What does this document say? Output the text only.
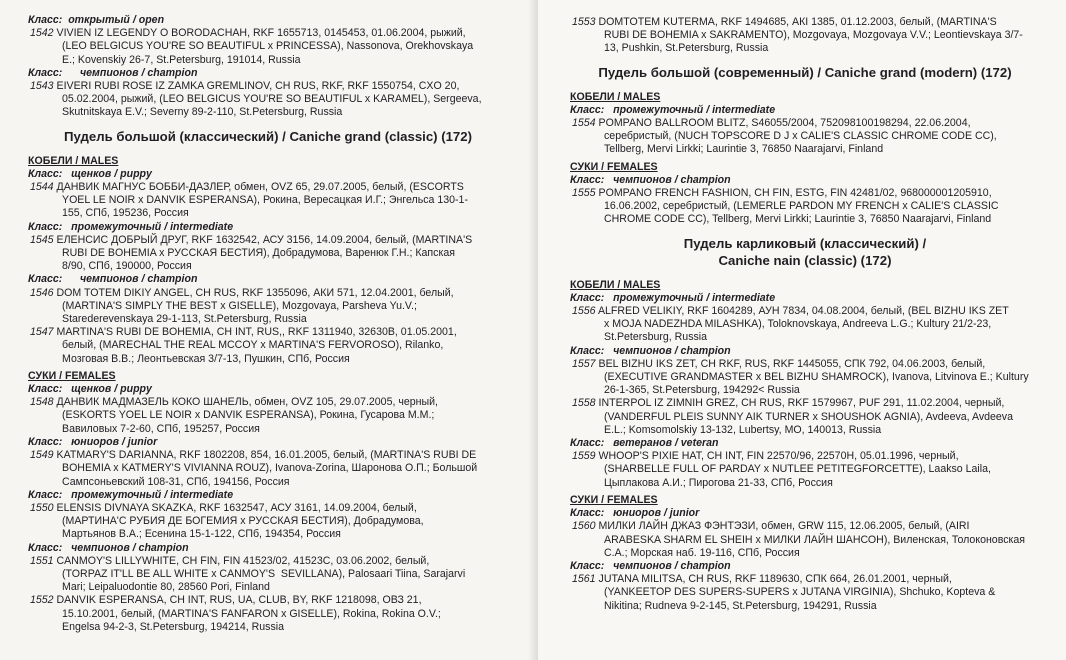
Класс:  открытый / open
1542 VIVIEN IZ LEGENDY O BORODACHAH, RKF 1655713, 0145453, 01.06.2004, рыжий,
(LEO BELGICUS YOU'RE SO BEAUTIFUL x PRINCESSA), Nassonova, Orekhovskaya
E.; Kovenskiy 26-7, St.Petersburg, 191014, Russia
Класс:      чемпионов / champion
1543 EIVERI RUBI ROSE IZ ZAMKA GREMLINOV, CH RUS, RKF, RKF 1550754, CXO 20,
05.02.2004, рыжий, (LEO BELGICUS YOU'RE SO BEAUTIFUL x KARAMEL), Sergeeva,
Skutnitskaya E.V.; Severny 89-2-110, St.Petersburg, Russia
Пудель большой (классический) / Caniche grand (classic) (172)
КОБЕЛИ / MALES
Класс:   щенков / puppy
1544 ДАНВИК МАГНУС БОББИ-ДАЗЛЕР, обмен, OVZ 65, 29.07.2005, белый, (ESCORTS
YOEL LE NOIR x DANVIK ESPERANSA), Рокина, Вересацкая И.Г.; Энгельса 130-1-
155, СПб, 195236, Россия
Класс:   промежуточный / intermediate
1545 ЕЛЕНСИС ДОБРЫЙ ДРУГ, RKF 1632542, АСУ 3156, 14.09.2004, белый, (MARTINA'S
RUBI DE BOHEMIA x РУССКАЯ БЕСТИЯ), Добрадумова, Варенюк Г.Н.; Капская
8/90, СПб, 190000, Россия
Класс:      чемпионов / champion
1546 DOM TOTEM DIKIY ANGEL, CH RUS, RKF 1355096, АКИ 571, 12.04.2001, белый,
(MARTINA'S SIMPLY THE BEST x GISELLE), Mozgovaya, Parsheva Yu.V.;
Starederevenskaya 29-1-113, St.Petersburg, Russia
1547 MARTINA'S RUBI DE BOHEMIA, CH INT, RUS,, RKF 1311940, 32630B, 01.05.2001,
белый, (MARECHAL THE REAL MCCOY x MARTINA'S FERVOROSO), Rilanko,
Мозговая В.В.; Леонтьевская 3/7-13, Пушкин, СПб, Россия
СУКИ / FEMALES
Класс:   щенков / puppy
1548 ДАНВИК МАДМАЗЕЛЬ КОКО ШАНЕЛЬ, обмен, OVZ 105, 29.07.2005, черный,
(ESKORTS YOEL LE NOIR x DANVIK ESPERANSA), Рокина, Гусарова М.М.;
Вавиловых 7-2-60, СПб, 195257, Россия
Класс:   юниоров / junior
1549 KATMARY'S DARIANNA, RKF 1802208, 854, 16.01.2005, белый, (MARTINA'S RUBI DE
BOHEMIA x KATMERY'S VIVIANNA ROUZ), Ivanova-Zorina, Шаронова О.П.; Большой
Сампсоньевский 108-31, СПб, 194156, Россия
Класс:   промежуточный / intermediate
1550 ELENSIS DIVNAYA SKAZKA, RKF 1632547, АСУ 3161, 14.09.2004, белый,
(МАРТИНА'С РУБИЯ ДЕ БОГЕМИЯ x РУССКАЯ БЕСТИЯ), Добрадумова,
Мартьянов В.А.; Есенина 15-1-122, СПб, 194354, Россия
Класс:   чемпионов / champion
1551 CANMOY'S LILLYWHITE, CH FIN, FIN 41523/02, 41523C, 03.06.2002, белый,
(TORPAZ IT'LL BE ALL WHITE x CANMOY'S  SEVILLANA), Palosaari Tiina, Sarajarvi
Mari; Leipaluodontie 80, 28560 Pori, Finland
1552 DANVIK ESPERANSA, CH INT, RUS, UA, CLUB, BY, RKF 1218098, ОВЗ 21,
15.10.2001, белый, (MARTINA'S FANFARON x GISELLE), Rokina, Rokina O.V.;
Engelsa 94-2-3, St.Petersburg, 194214, Russia
1553 DOMTOTEM KUTERMA, RKF 1494685, АКІ 1385, 01.12.2003, белый, (MARTINA'S
RUBI DE BOHEMIA x SAKRAMENTO), Mozgovaya, Mozgovaya V.V.; Leontievskaya 3/7-
13, Pushkin, St.Petersburg, Russia
Пудель большой (современный) / Caniche grand (modern) (172)
КОБЕЛИ / MALES
Класс:   промежуточный / intermediate
1554 POMPANO BALLROOM BLITZ, S46055/2004, 752098100198294, 22.06.2004,
серебристый, (NUCH TOPSCORE D J x CALIE'S CLASSIC CHROME CODE CC),
Tellberg, Mervi Lirkki; Laurintie 3, 76850 Naarajarvi, Finland
СУКИ / FEMALES
Класс:   чемпионов / champion
1555 POMPANO FRENCH FASHION, CH FIN, ESTG, FIN 42481/02, 968000001205910,
16.06.2002, серебристый, (LEMERLE PARDON MY FRENCH x CALIE'S CLASSIC
CHROME CODE CC), Tellberg, Mervi Lirkki; Laurintie 3, 76850 Naarajarvi, Finland
Пудель карликовый (классический) /
Caniche nain (classic) (172)
КОБЕЛИ / MALES
Класс:   промежуточный / intermediate
1556 ALFRED VELIKIY, RKF 1604289, АУН 7834, 04.08.2004, белый, (BEL BIZHU IKS ZET
x MOJA NADEZHDA MILASHKA), Toloknovskaya, Andreeva L.G.; Kultury 21/2-23,
St.Petersburg, Russia
Класс:   чемпионов / champion
1557 BEL BIZHU IKS ZET, CH RKF, RUS, RKF 1445055, СПК 792, 04.06.2003, белый,
(EXECUTIVE GRANDMASTER x BEL BIZHU SHAMROCK), Ivanova, Litvinova E.; Kultury
26-1-365, St.Petersburg, 194292< Russia
1558 INTERPOL IZ ZIMNIH GREZ, CH RUS, RKF 1579967, PUF 291, 11.02.2004, черный,
(VANDERFUL PLEIS SUNNY AIK TURNER x SHOUSHOK AGNIA), Avdeeva, Avdeeva
E.L.; Komsomolskiy 13-132, Lubertsy, MO, 140013, Russia
Класс:   ветеранов / veteran
1559 WHOOP'S PIXIE HAT, CH INT, FIN 22570/96, 22570H, 05.01.1996, черный,
(SHARBELLE FULL OF PARDAY x NUTLEE PETITEGFORCETTE), Laakso Laila,
Цыплакова А.И.; Пирогова 21-33, СПб, Россия
СУКИ / FEMALES
Класс:   юниоров / junior
1560 МИЛКИ ЛАЙН ДЖАЗ ФЭНТЭЗИ, обмен, GRW 115, 12.06.2005, белый, (AIRI
ARABESKA SHARM EL SHEIH x МИЛКИ ЛАЙН ШАНСОН), Виленская, Толоконовская
С.А.; Морская наб. 19-116, СПб, Россия
Класс:   чемпионов / champion
1561 JUTANA MILITSA, CH RUS, RKF 1189630, СПК 664, 26.01.2001, черный,
(YANKEETOP DES SUPERS-SUPERS x JUTANA VIRGINIA), Shchuko, Kopteva &
Nikitina; Rudneva 9-2-145, St.Petersburg, 194291, Russia
